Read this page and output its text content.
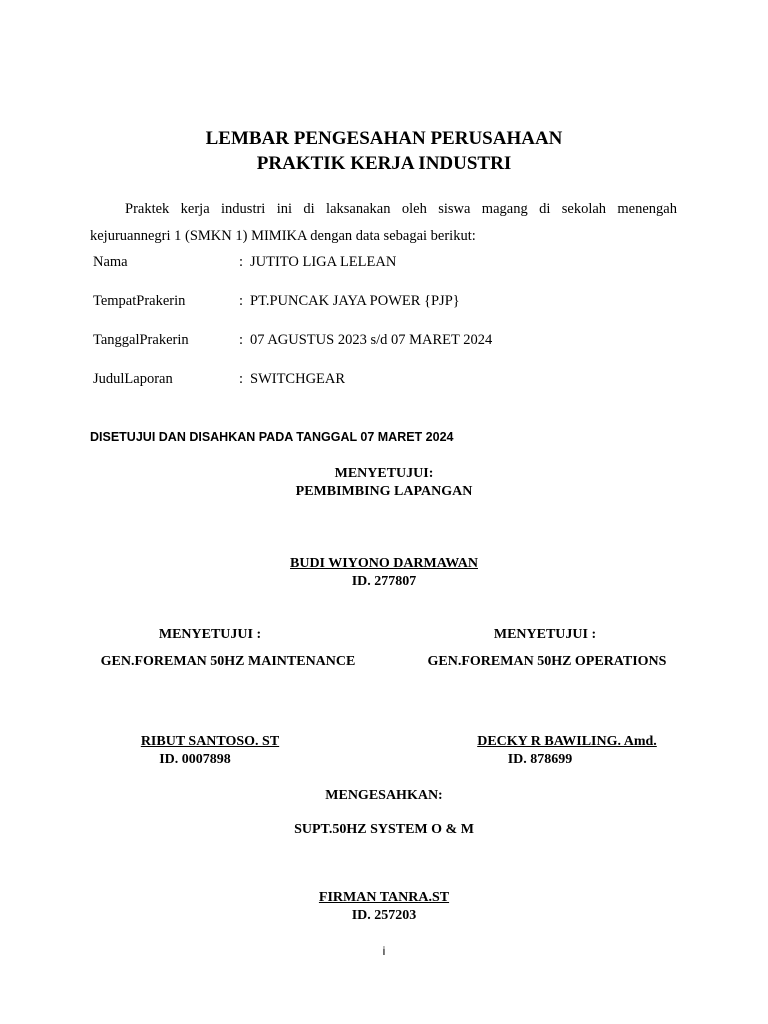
LEMBAR PENGESAHAN PERUSAHAAN
PRAKTIK KERJA INDUSTRI
Praktek kerja industri ini di laksanakan oleh siswa magang di sekolah menengah
kejuruannegri 1 (SMKN 1) MIMIKA dengan data sebagai berikut:
Nama	: JUTITO LIGA LELEAN
TempatPrakerin	: PT.PUNCAK JAYA POWER {PJP}
TanggalPrakerin	: 07 AGUSTUS 2023 s/d 07 MARET 2024
JudulLaporan	: SWITCHGEAR
DISETUJUI DAN DISAHKAN PADA TANGGAL 07 MARET 2024
MENYETUJUI:
PEMBIMBING LAPANGAN
BUDI WIYONO DARMAWAN
ID. 277807
MENYETUJUI :
GEN.FOREMAN 50HZ MAINTENANCE
RIBUT SANTOSO. ST
ID. 0007898
MENYETUJUI :
GEN.FOREMAN 50HZ OPERATIONS
DECKY R BAWILING. Amd.
ID. 878699
MENGESAHKAN:
SUPT.50HZ SYSTEM O & M
FIRMAN TANRA.ST
ID. 257203
i
